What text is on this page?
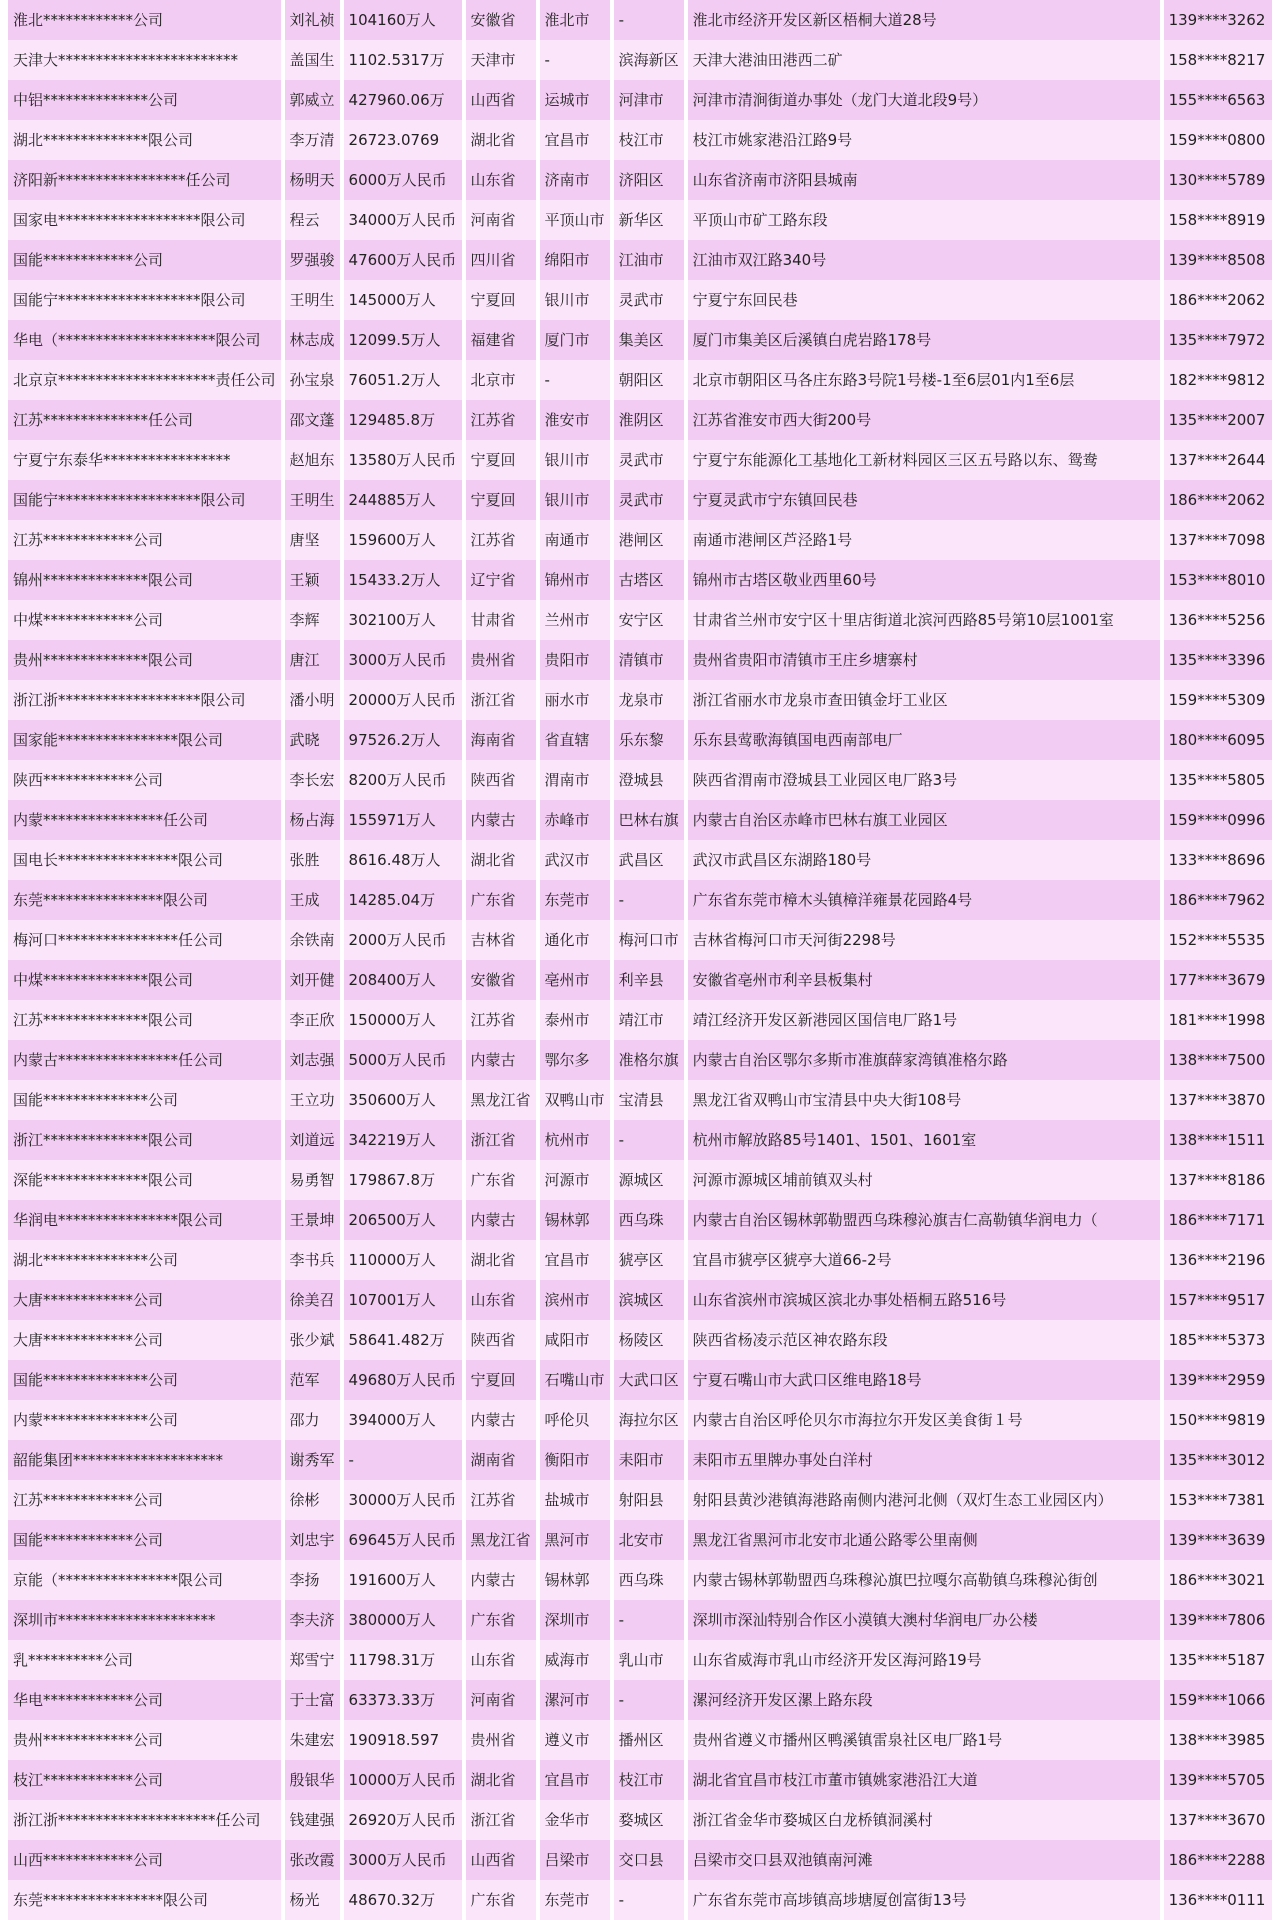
淮北************公司	刘礼祯	104160万人	安徽省	淮北市	-	淮北市经济开发区新区梧桐大道28号	139****3262
天津大************************	盖国生	1102.5317万	天津市	-	滨海新区	天津大港油田港西二矿	158****8217
中铝**************公司	郭威立	427960.06万	山西省	运城市	河津市	河津市清涧街道办事处（龙门大道北段9号）	155****6563
湖北**************限公司	李万清	26723.0769	湖北省	宜昌市	枝江市	枝江市姚家港沿江路9号	159****0800
济阳新*****************任公司	杨明天	6000万人民币	山东省	济南市	济阳区	山东省济南市济阳县城南	130****5789
国家电*******************限公司	程云	34000万人民币	河南省	平顶山市	新华区	平顶山市矿工路东段	158****8919
国能************公司	罗强骏	47600万人民币	四川省	绵阳市	江油市	江油市双江路340号	139****8508
国能宁*******************限公司	王明生	145000万人	宁夏回	银川市	灵武市	宁夏宁东回民巷	186****2062
华电（*********************限公司	林志成	12099.5万人	福建省	厦门市	集美区	厦门市集美区后溪镇白虎岩路178号	135****7972
北京京*********************责任公司	孙宝泉	76051.2万人	北京市	-	朝阳区	北京市朝阳区马各庄东路3号院1号楼-1至6层01内1至6层	182****9812
江苏**************任公司	邵文蓬	129485.8万	江苏省	淮安市	淮阴区	江苏省淮安市西大街200号	135****2007
宁夏宁东泰华*****************	赵旭东	13580万人民币	宁夏回	银川市	灵武市	宁夏宁东能源化工基地化工新材料园区三区五号路以东、鸳鸯	137****2644
国能宁*******************限公司	王明生	244885万人	宁夏回	银川市	灵武市	宁夏灵武市宁东镇回民巷	186****2062
江苏************公司	唐坚	159600万人	江苏省	南通市	港闸区	南通市港闸区芦泾路1号	137****7098
锦州**************限公司	王颖	15433.2万人	辽宁省	锦州市	古塔区	锦州市古塔区敬业西里60号	153****8010
中煤************公司	李辉	302100万人	甘肃省	兰州市	安宁区	甘肃省兰州市安宁区十里店街道北滨河西路85号第10层1001室	136****5256
贵州**************限公司	唐江	3000万人民币	贵州省	贵阳市	清镇市	贵州省贵阳市清镇市王庄乡塘寨村	135****3396
浙江浙*******************限公司	潘小明	20000万人民币	浙江省	丽水市	龙泉市	浙江省丽水市龙泉市查田镇金圩工业区	159****5309
国家能****************限公司	武晓	97526.2万人	海南省	省直辖	乐东黎	乐东县莺歌海镇国电西南部电厂	180****6095
陕西************公司	李长宏	8200万人民币	陕西省	渭南市	澄城县	陕西省渭南市澄城县工业园区电厂路3号	135****5805
内蒙****************任公司	杨占海	155971万人	内蒙古	赤峰市	巴林右旗	内蒙古自治区赤峰市巴林右旗工业园区	159****0996
国电长****************限公司	张胜	8616.48万人	湖北省	武汉市	武昌区	武汉市武昌区东湖路180号	133****8696
东莞****************限公司	王成	14285.04万	广东省	东莞市	-	广东省东莞市樟木头镇樟洋雍景花园路4号	186****7962
梅河口****************任公司	余铁南	2000万人民币	吉林省	通化市	梅河口市	吉林省梅河口市天河街2298号	152****5535
中煤**************限公司	刘开健	208400万人	安徽省	亳州市	利辛县	安徽省亳州市利辛县板集村	177****3679
江苏**************限公司	李正欣	150000万人	江苏省	泰州市	靖江市	靖江经济开发区新港园区国信电厂路1号	181****1998
内蒙古****************任公司	刘志强	5000万人民币	内蒙古	鄂尔多	准格尔旗	内蒙古自治区鄂尔多斯市准旗薛家湾镇准格尔路	138****7500
国能**************公司	王立功	350600万人	黑龙江省	双鸭山市	宝清县	黑龙江省双鸭山市宝清县中央大街108号	137****3870
浙江**************限公司	刘道远	342219万人	浙江省	杭州市	-	杭州市解放路85号1401、1501、1601室	138****1511
深能**************限公司	易勇智	179867.8万	广东省	河源市	源城区	河源市源城区埔前镇双头村	137****8186
华润电****************限公司	王景坤	206500万人	内蒙古	锡林郭	西乌珠	内蒙古自治区锡林郭勒盟西乌珠穆沁旗吉仁高勒镇华润电力（	186****7171
湖北**************公司	李书兵	110000万人	湖北省	宜昌市	猇亭区	宜昌市猇亭区猇亭大道66-2号	136****2196
大唐************公司	徐美召	107001万人	山东省	滨州市	滨城区	山东省滨州市滨城区滨北办事处梧桐五路516号	157****9517
大唐************公司	张少斌	58641.482万	陕西省	咸阳市	杨陵区	陕西省杨凌示范区神农路东段	185****5373
国能**************公司	范军	49680万人民币	宁夏回	石嘴山市	大武口区	宁夏石嘴山市大武口区维电路18号	139****2959
内蒙**************公司	邵力	394000万人	内蒙古	呼伦贝	海拉尔区	内蒙古自治区呼伦贝尔市海拉尔开发区美食街１号	150****9819
韶能集团********************	谢秀军	-	湖南省	衡阳市	耒阳市	耒阳市五里牌办事处白洋村	135****3012
江苏************公司	徐彬	30000万人民币	江苏省	盐城市	射阳县	射阳县黄沙港镇海港路南侧内港河北侧（双灯生态工业园区内）	153****7381
国能************公司	刘忠宇	69645万人民币	黑龙江省	黑河市	北安市	黑龙江省黑河市北安市北通公路零公里南侧	139****3639
京能（****************限公司	李扬	191600万人	内蒙古	锡林郭	西乌珠	内蒙古锡林郭勒盟西乌珠穆沁旗巴拉嘎尔高勒镇乌珠穆沁街创	186****3021
深圳市*********************	李夫济	380000万人	广东省	深圳市	-	深圳市深汕特别合作区小漠镇大澳村华润电厂办公楼	139****7806
乳**********公司	郑雪宁	11798.31万	山东省	威海市	乳山市	山东省威海市乳山市经济开发区海河路19号	135****5187
华电************公司	于士富	63373.33万	河南省	漯河市	-	漯河经济开发区漯上路东段	159****1066
贵州************公司	朱建宏	190918.597	贵州省	遵义市	播州区	贵州省遵义市播州区鸭溪镇雷泉社区电厂路1号	138****3985
枝江************公司	殷银华	10000万人民币	湖北省	宜昌市	枝江市	湖北省宜昌市枝江市董市镇姚家港沿江大道	139****5705
浙江浙*********************任公司	钱建强	26920万人民币	浙江省	金华市	婺城区	浙江省金华市婺城区白龙桥镇洞溪村	137****3670
山西************公司	张改霞	3000万人民币	山西省	吕梁市	交口县	吕梁市交口县双池镇南河滩	186****2288
东莞****************限公司	杨光	48670.32万	广东省	东莞市	-	广东省东莞市高埗镇高埗塘厦创富街13号	136****0111
